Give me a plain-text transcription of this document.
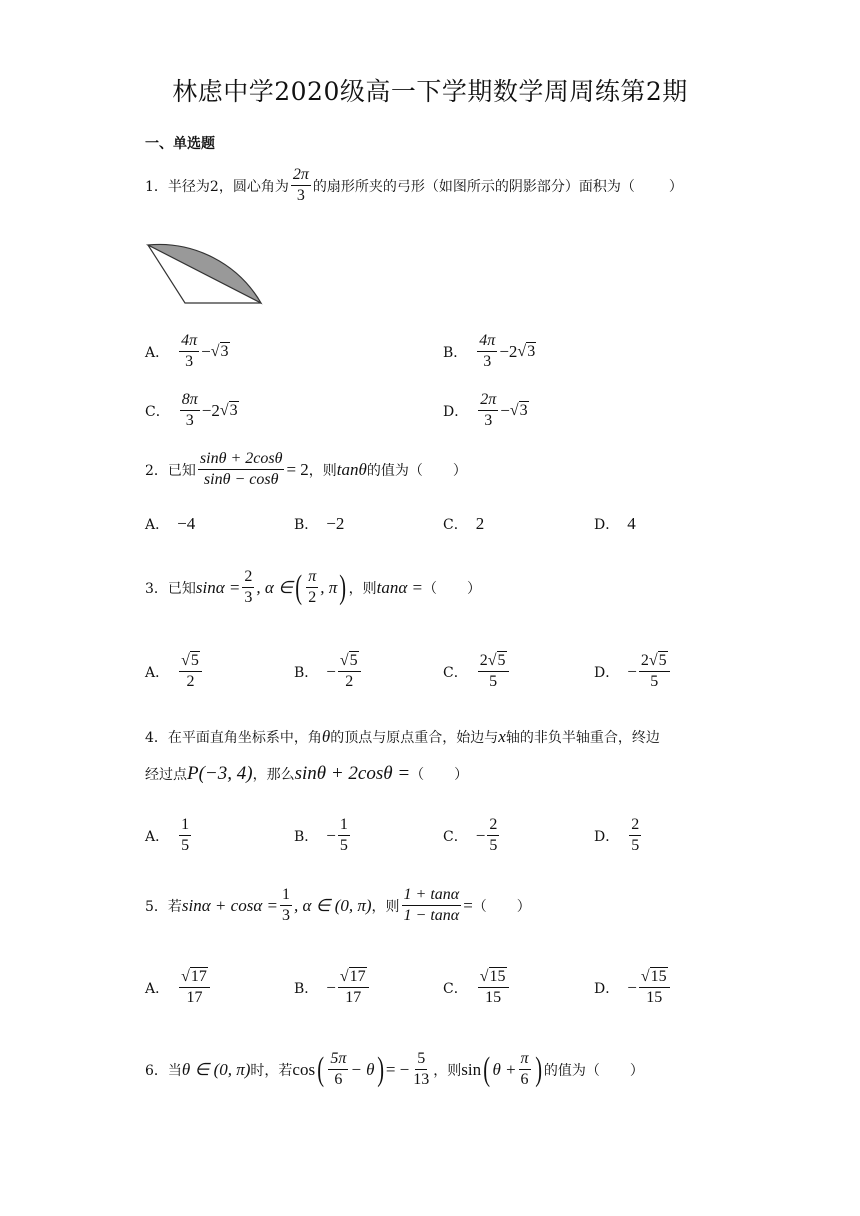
林虑中学2020级高一下学期数学周周练第2期
一、单选题
1． 半径为2，圆心角为 $\frac{2\pi}{3}$ 的扇形所夹的弓形（如图所示的阴影部分）面积为（ ）
A． $\frac{4\pi}{3} - √3$	B． $\frac{4\pi}{3} -2$ √3
C． $\frac{8\pi}{3} -2$ √3	D． $\frac{2\pi}{3} - √3$
2． 已知 $\frac{\sin\theta + 2\cos\theta}{\sin\theta - \cos\theta} = 2$ ，则 tanθ 的值为（ ）
A． −4	B． −2	C． 2	D． 4
3． 已知 $\sin\alpha = \frac{2}{3}$ , α ∈ ( $\frac{\pi}{2}$ , π ) ，则 tanα = （ ）
A． $\frac{√5}{2}$	B． − $\frac{√5}{2}$	C． $\frac{2√5}{5}$	D． − $\frac{2√5}{5}$
4． 在平面直角坐标系中，角 θ 的顶点与原点重合，始边与 x 轴的非负半轴重合，终边
经过点 P(−3, 4) ，那么 sinθ + 2cosθ = （ ）
A． $\frac{1}{5}$	B． − $\frac{1}{5}$	C． − $\frac{2}{5}$	D． $\frac{2}{5}$
5． 若 $\sin\alpha + \cos\alpha = \frac{1}{3}$ , α ∈ (0, π) ，则 $\frac{1 + \tan\alpha}{1 - \tan\alpha}$ = （ ）
A． $\frac{√17}{17}$	B． − $\frac{√17}{17}$	C． $\frac{√15}{15}$	D． − $\frac{√15}{15}$
6． 当 θ ∈ (0, π) 时，若 cos ( $\frac{5\pi}{6} - \theta$ ) = − $\frac{5}{13}$ ，则 sin ( $\theta + \frac{\pi}{6}$ ) 的值为（ ）
